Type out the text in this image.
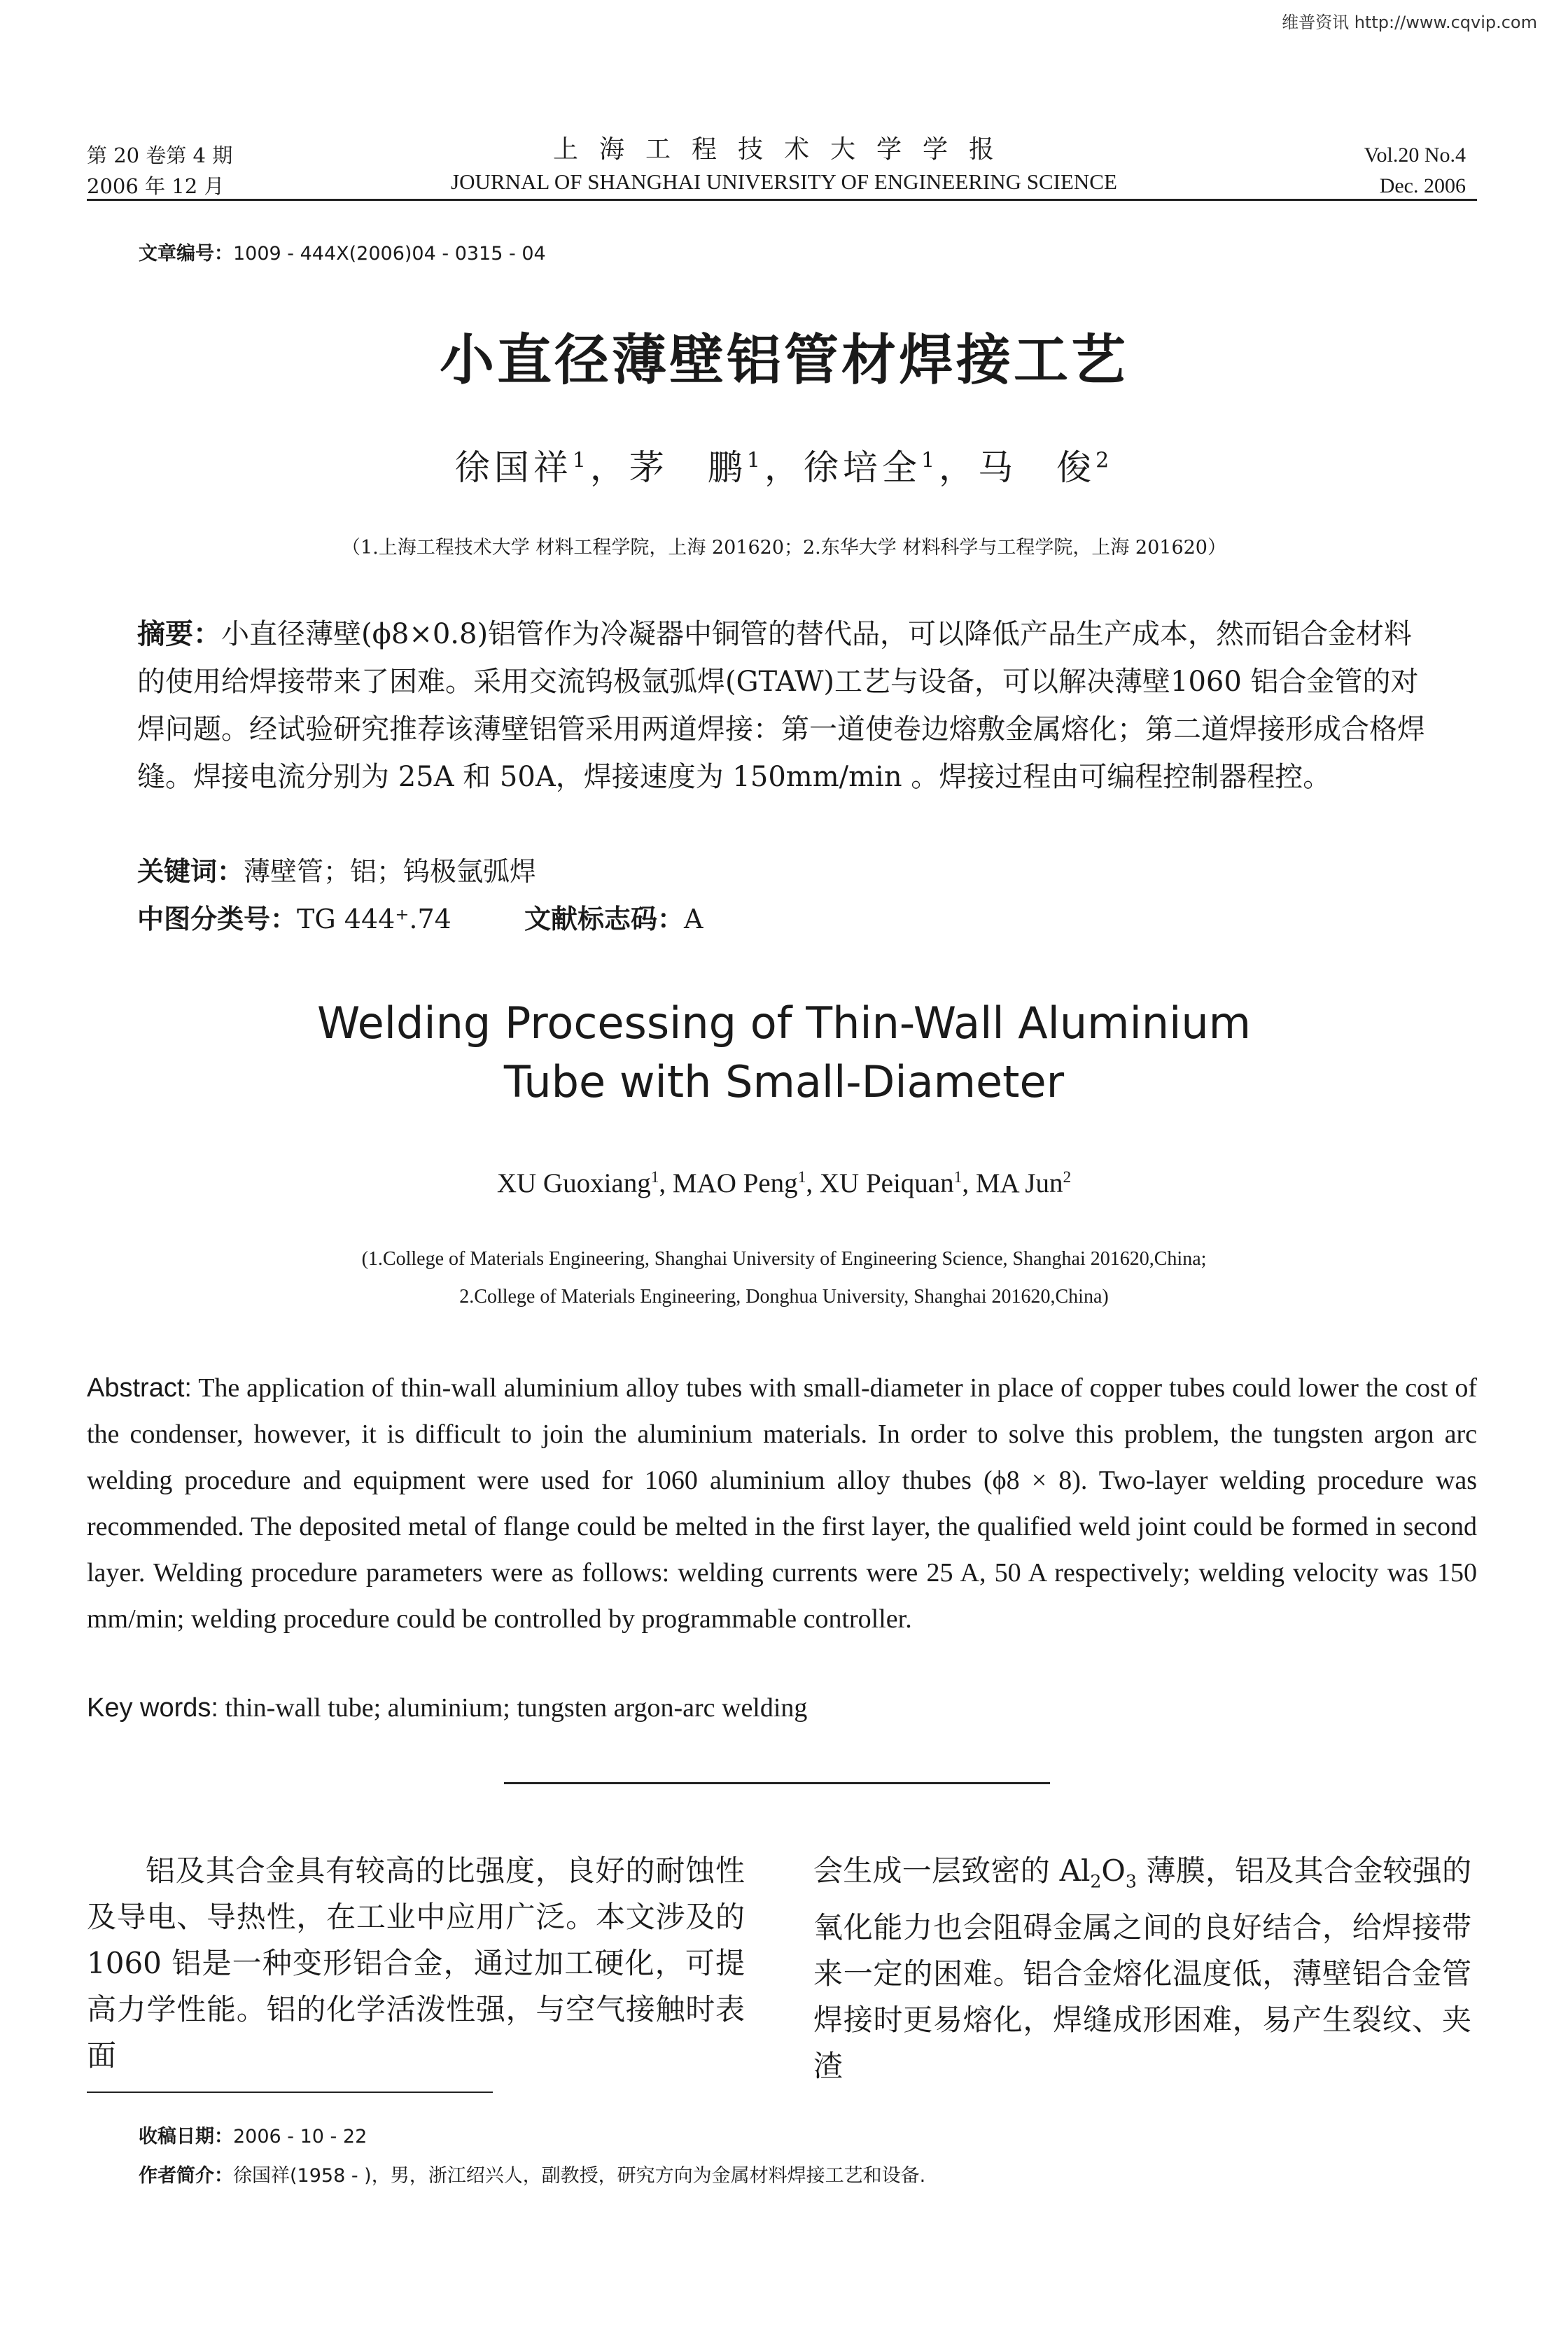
维普资讯 http://www.cqvip.com
第 20 卷第 4 期
2006 年 12 月
上海工程技术大学学报
JOURNAL OF SHANGHAI UNIVERSITY OF ENGINEERING SCIENCE
Vol.20 No.4
Dec. 2006
文章编号：1009 - 444X(2006)04 - 0315 - 04
小直径薄壁铝管材焊接工艺
徐国祥$^1$，茅　鹏$^1$，徐培全$^1$，马　俊$^2$
（1.上海工程技术大学 材料工程学院，上海 201620；2.东华大学 材料科学与工程学院，上海 201620）
摘要：小直径薄壁(ϕ8×0.8)铝管作为冷凝器中铜管的替代品，可以降低产品生产成本，然而铝合金材料的使用给焊接带来了困难。采用交流钨极氩弧焊(GTAW)工艺与设备，可以解决薄壁1060 铝合金管的对焊问题。经试验研究推荐该薄壁铝管采用两道焊接：第一道使卷边熔敷金属熔化；第二道焊接形成合格焊缝。焊接电流分别为 25A 和 50A，焊接速度为 150mm/min 。焊接过程由可编程控制器程控。
关键词：薄壁管；铝；钨极氩弧焊
中图分类号：TG 444⁺.74	文献标志码：A
Welding Processing of Thin-Wall Aluminium
Tube with Small-Diameter
XU Guoxiang$^1$, MAO Peng$^1$, XU Peiquan$^1$, MA Jun$^2$
(1.College of Materials Engineering, Shanghai University of Engineering Science, Shanghai 201620,China;
2.College of Materials Engineering, Donghua University, Shanghai 201620,China)
Abstract: The application of thin-wall aluminium alloy tubes with small-diameter in place of copper tubes could lower the cost of the condenser, however, it is difficult to join the aluminium materials. In order to solve this problem, the tungsten argon arc welding procedure and equipment were used for 1060 aluminium alloy thubes (ϕ8 × 8). Two-layer welding procedure was recommended. The deposited metal of flange could be melted in the first layer, the qualified weld joint could be formed in second layer. Welding procedure parameters were as follows: welding currents were 25 A, 50 A respectively; welding velocity was 150 mm/min; welding procedure could be controlled by programmable controller.
Key words: thin-wall tube; aluminium; tungsten argon-arc welding
铝及其合金具有较高的比强度，良好的耐蚀性及导电、导热性，在工业中应用广泛。本文涉及的1060 铝是一种变形铝合金，通过加工硬化，可提高力学性能。铝的化学活泼性强，与空气接触时表面
会生成一层致密的 $Al_2O_3$ 薄膜，铝及其合金较强的氧化能力也会阻碍金属之间的良好结合，给焊接带来一定的困难。铝合金熔化温度低，薄壁铝合金管焊接时更易熔化，焊缝成形困难，易产生裂纹、夹渣
收稿日期：2006 - 10 - 22
作者简介：徐国祥(1958 - )，男，浙江绍兴人，副教授，研究方向为金属材料焊接工艺和设备.
